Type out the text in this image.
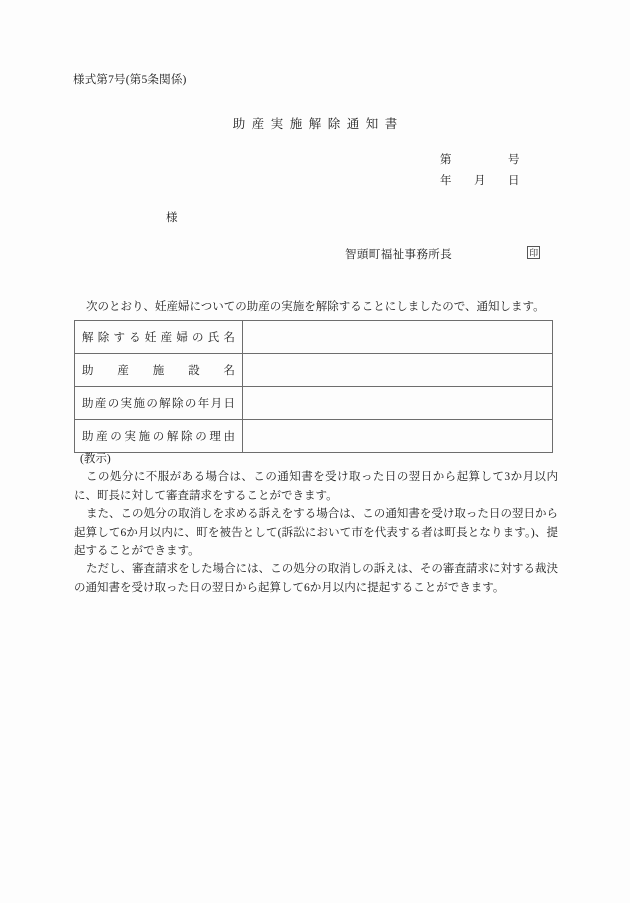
様式第7号(第5条関係)
助産実施解除通知書
第	号
年 月 日
様
智頭町福祉事務所長	印
次のとおり、妊産婦についての助産の実施を解除することにしましたので、通知します。
解除する妊産婦の氏名	

助産施設名	

助産の実施の解除の年月日	

助産の実施の解除の理由	

(教示)

この処分に不服がある場合は、この通知書を受け取った日の翌日から起算して3か月以内に、町長に対して審査請求をすることができます。

また、この処分の取消しを求める訴えをする場合は、この通知書を受け取った日の翌日から起算して6か月以内に、町を被告として(訴訟において市を代表する者は町長となります。)、提起することができます。

ただし、審査請求をした場合には、この処分の取消しの訴えは、その審査請求に対する裁決の通知書を受け取った日の翌日から起算して6か月以内に提起することができます。
